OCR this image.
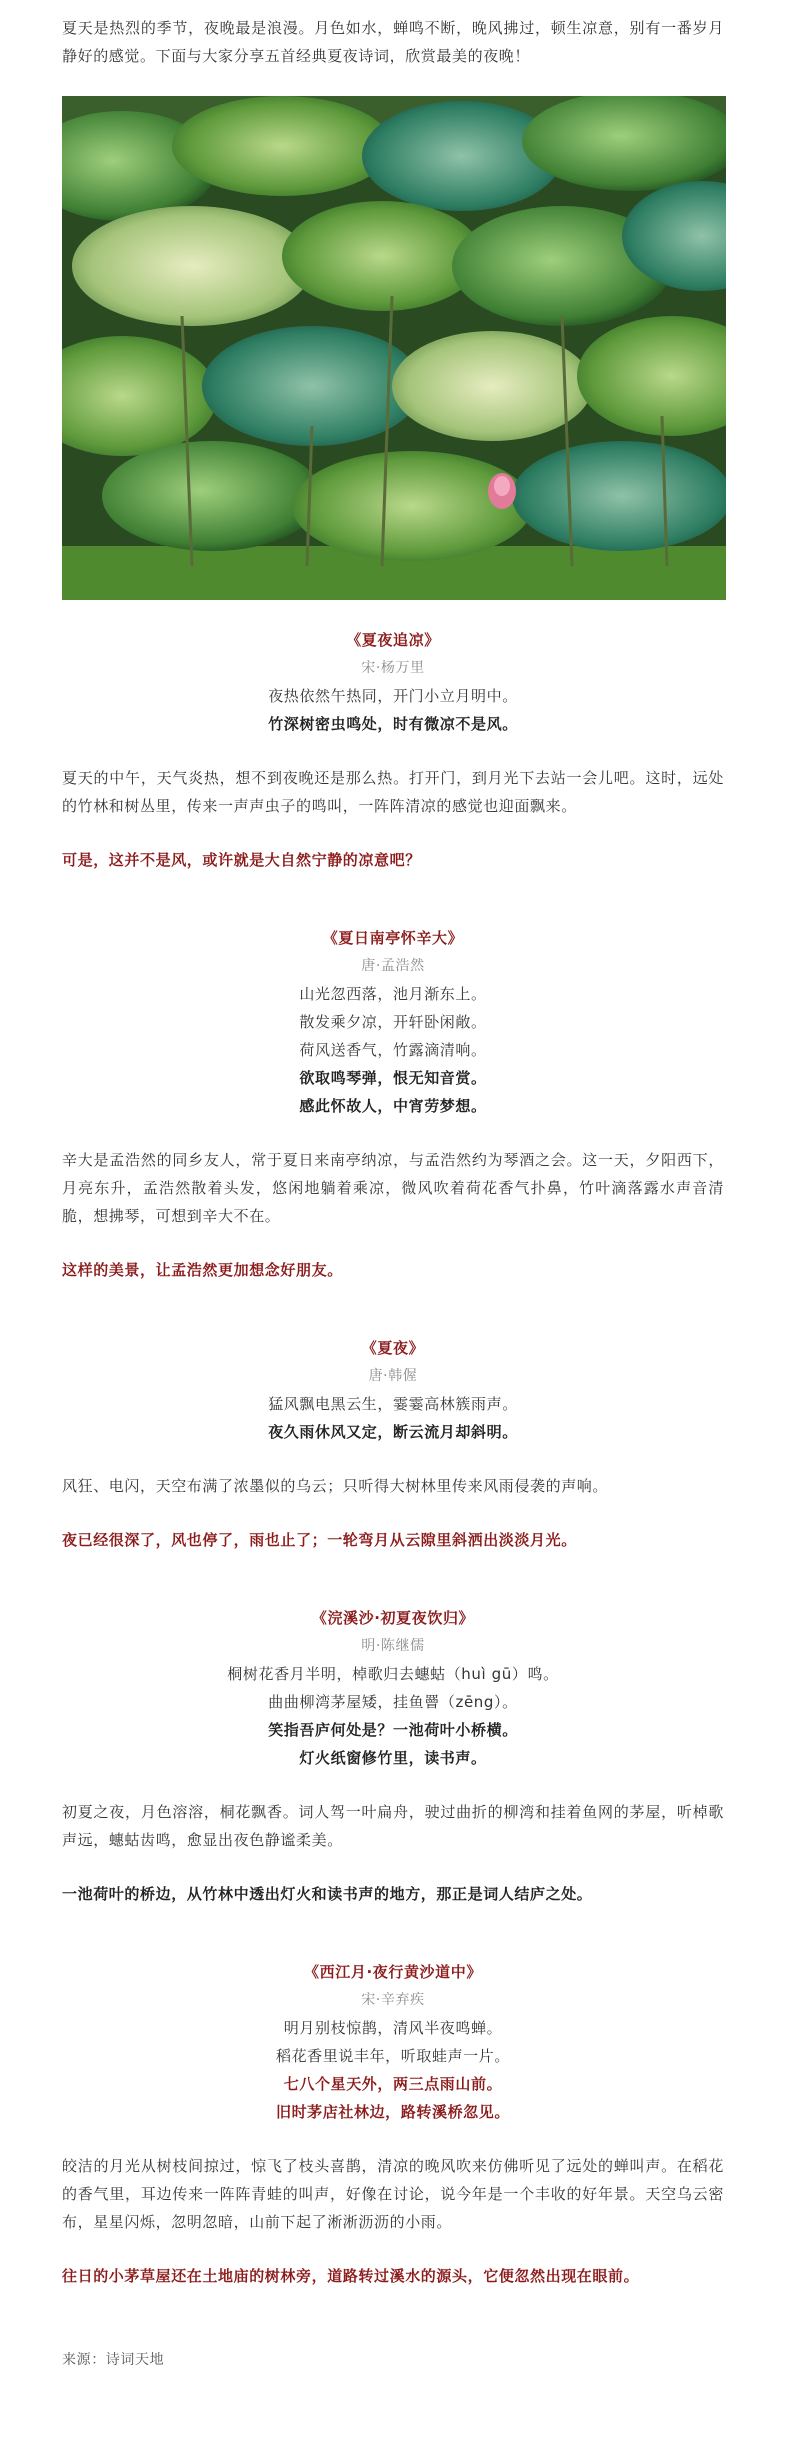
夏天是热烈的季节，夜晚最是浪漫。月色如水，蝉鸣不断，晚风拂过，顿生凉意，别有一番岁月静好的感觉。下面与大家分享五首经典夏夜诗词，欣赏最美的夜晚！

《夏夜追凉》

宋·杨万里

夜热依然午热同，开门小立月明中。

竹深树密虫鸣处，时有微凉不是风。

夏天的中午，天气炎热，想不到夜晚还是那么热。打开门，到月光下去站一会儿吧。这时，远处的竹林和树丛里，传来一声声虫子的鸣叫，一阵阵清凉的感觉也迎面飘来。

可是，这并不是风，或许就是大自然宁静的凉意吧？

《夏日南亭怀辛大》

唐·孟浩然

山光忽西落，池月渐东上。

散发乘夕凉，开轩卧闲敞。

荷风送香气，竹露滴清响。

欲取鸣琴弹，恨无知音赏。

感此怀故人，中宵劳梦想。

辛大是孟浩然的同乡友人，常于夏日来南亭纳凉，与孟浩然约为琴酒之会。这一天，夕阳西下，月亮东升，孟浩然散着头发，悠闲地躺着乘凉，微风吹着荷花香气扑鼻，竹叶滴落露水声音清脆，想拂琴，可想到辛大不在。

这样的美景，让孟浩然更加想念好朋友。

《夏夜》

唐·韩偓

猛风飘电黑云生，霎霎高林簇雨声。

夜久雨休风又定，断云流月却斜明。

风狂、电闪，天空布满了浓墨似的乌云；只听得大树林里传来风雨侵袭的声响。

夜已经很深了，风也停了，雨也止了；一轮弯月从云隙里斜洒出淡淡月光。

《浣溪沙·初夏夜饮归》

明·陈继儒

桐树花香月半明，棹歌归去蟪蛄（huì gū）鸣。

曲曲柳湾茅屋矮，挂鱼罾（zēng）。

笑指吾庐何处是？一池荷叶小桥横。

灯火纸窗修竹里，读书声。

初夏之夜，月色溶溶，桐花飘香。词人驾一叶扁舟，驶过曲折的柳湾和挂着鱼网的茅屋，听棹歌声远，蟪蛄齿鸣，愈显出夜色静谧柔美。

一池荷叶的桥边，从竹林中透出灯火和读书声的地方，那正是词人结庐之处。

《西江月·夜行黄沙道中》

宋·辛弃疾

明月别枝惊鹊，清风半夜鸣蝉。

稻花香里说丰年，听取蛙声一片。

七八个星天外，两三点雨山前。

旧时茅店社林边，路转溪桥忽见。

皎洁的月光从树枝间掠过，惊飞了枝头喜鹊，清凉的晚风吹来仿佛听见了远处的蝉叫声。在稻花的香气里，耳边传来一阵阵青蛙的叫声，好像在讨论，说今年是一个丰收的好年景。天空乌云密布，星星闪烁，忽明忽暗，山前下起了淅淅沥沥的小雨。

往日的小茅草屋还在土地庙的树林旁，道路转过溪水的源头，它便忽然出现在眼前。

来源：诗词天地
